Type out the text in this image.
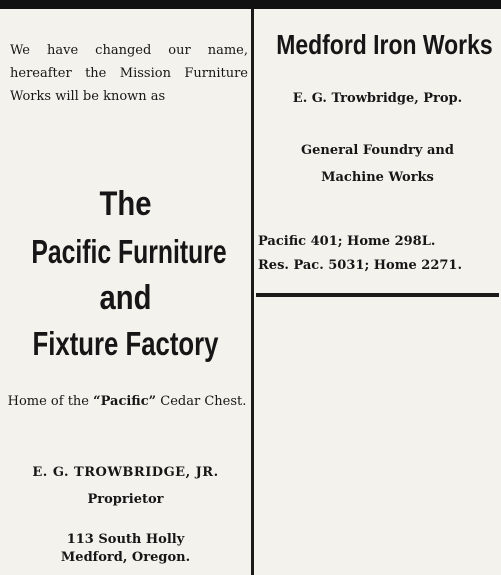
We have changed our name, hereafter the Mission Furniture Works will be known as

The

Pacific Furniture

and

Fixture Factory

Home of the “Pacific” Cedar Chest.

E. G. TROWBRIDGE, JR.

Proprietor

113 South Holly
Medford, Oregon.

Medford Iron Works

E. G. Trowbridge, Prop.

General Foundry and
Machine Works

Pacific 401; Home 298L.
Res. Pac. 5031; Home 2271.
